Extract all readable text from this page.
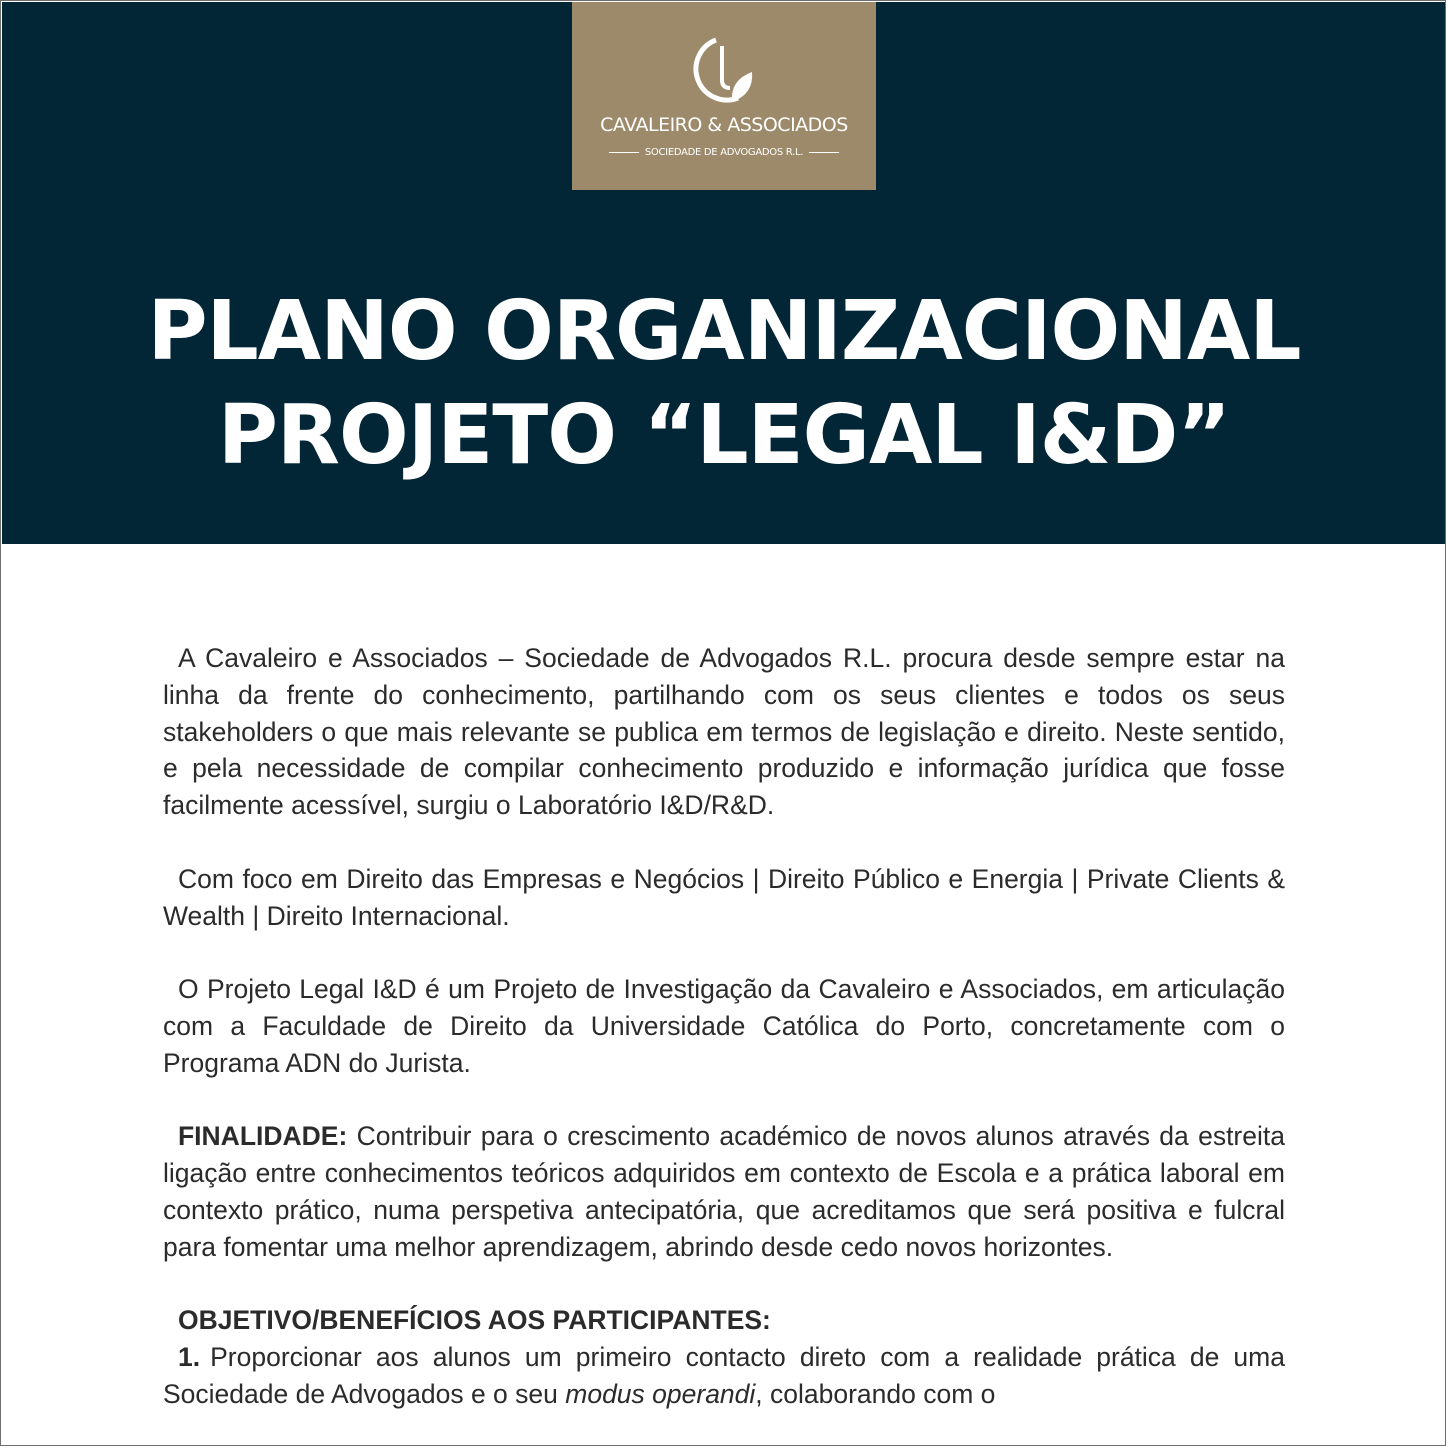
CAVALEIRO & ASSOCIADOS
SOCIEDADE DE ADVOGADOS R.L.
PLANO ORGANIZACIONAL
PROJETO “LEGAL I&D”

A Cavaleiro e Associados – Sociedade de Advogados R.L. procura desde sempre estar na linha da frente do conhecimento, partilhando com os seus clientes e todos os seus stakeholders o que mais relevante se publica em termos de legislação e direito. Neste sentido, e pela necessidade de compilar conhecimento produzido e informação jurídica que fosse facilmente acessível, surgiu o Laboratório I&D/R&D.

Com foco em Direito das Empresas e Negócios | Direito Público e Energia | Private Clients & Wealth | Direito Internacional.

O Projeto Legal I&D é um Projeto de Investigação da Cavaleiro e Associados, em articulação com a Faculdade de Direito da Universidade Católica do Porto, concretamente com o Programa ADN do Jurista.

FINALIDADE: Contribuir para o crescimento académico de novos alunos através da estreita ligação entre conhecimentos teóricos adquiridos em contexto de Escola e a prática laboral em contexto prático, numa perspetiva antecipatória, que acreditamos que será positiva e fulcral para fomentar uma melhor aprendizagem, abrindo desde cedo novos horizontes.

OBJETIVO/BENEFÍCIOS AOS PARTICIPANTES:
1. Proporcionar aos alunos um primeiro contacto direto com a realidade prática de uma Sociedade de Advogados e o seu modus operandi, colaborando com o
